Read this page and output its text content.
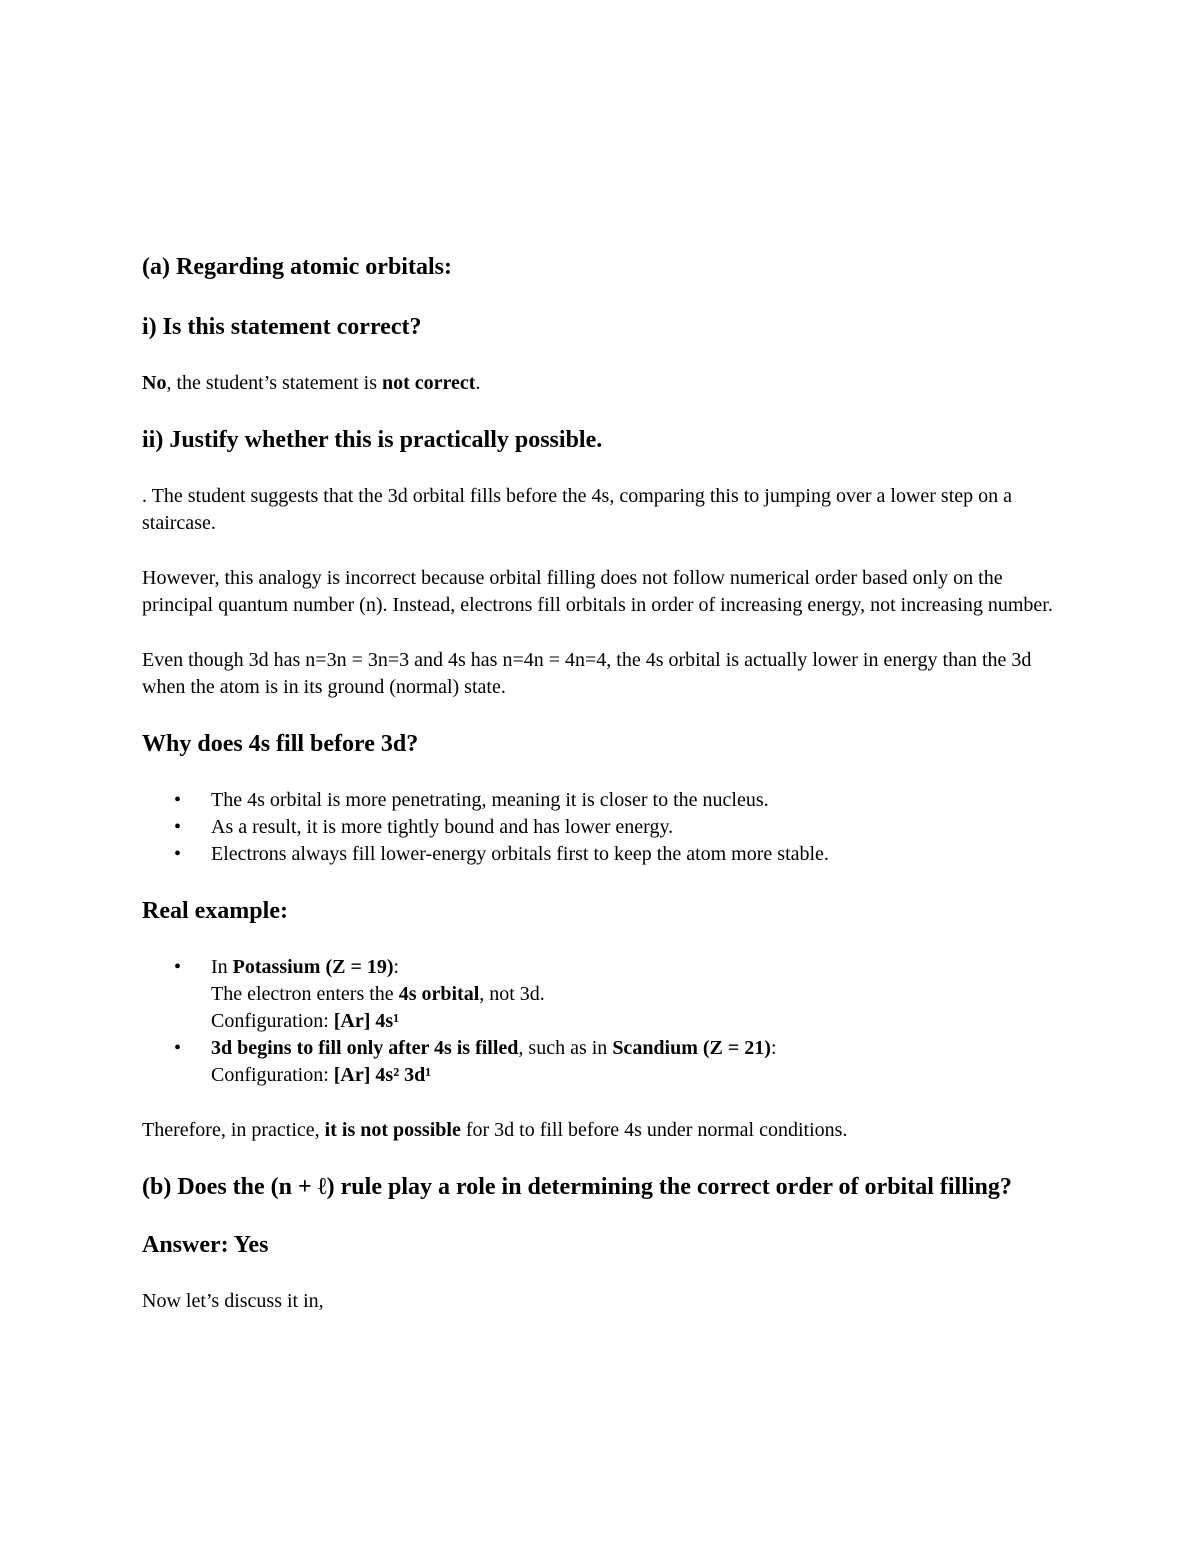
(a) Regarding atomic orbitals:

i) Is this statement correct?

No, the student’s statement is not correct.

ii) Justify whether this is practically possible.

. The student suggests that the 3d orbital fills before the 4s, comparing this to jumping over a lower step on a staircase.

However, this analogy is incorrect because orbital filling does not follow numerical order based only on the principal quantum number (n). Instead, electrons fill orbitals in order of increasing energy, not increasing number.

Even though 3d has n=3n = 3n=3 and 4s has n=4n = 4n=4, the 4s orbital is actually lower in energy than the 3d when the atom is in its ground (normal) state.

Why does 4s fill before 3d?

• The 4s orbital is more penetrating, meaning it is closer to the nucleus.
• As a result, it is more tightly bound and has lower energy.
• Electrons always fill lower-energy orbitals first to keep the atom more stable.

Real example:

• In Potassium (Z = 19):
The electron enters the 4s orbital, not 3d.
Configuration: [Ar] 4s¹
• 3d begins to fill only after 4s is filled, such as in Scandium (Z = 21):
Configuration: [Ar] 4s² 3d¹

Therefore, in practice, it is not possible for 3d to fill before 4s under normal conditions.

(b) Does the (n + ℓ) rule play a role in determining the correct order of orbital filling?

Answer: Yes

Now let’s discuss it in,
